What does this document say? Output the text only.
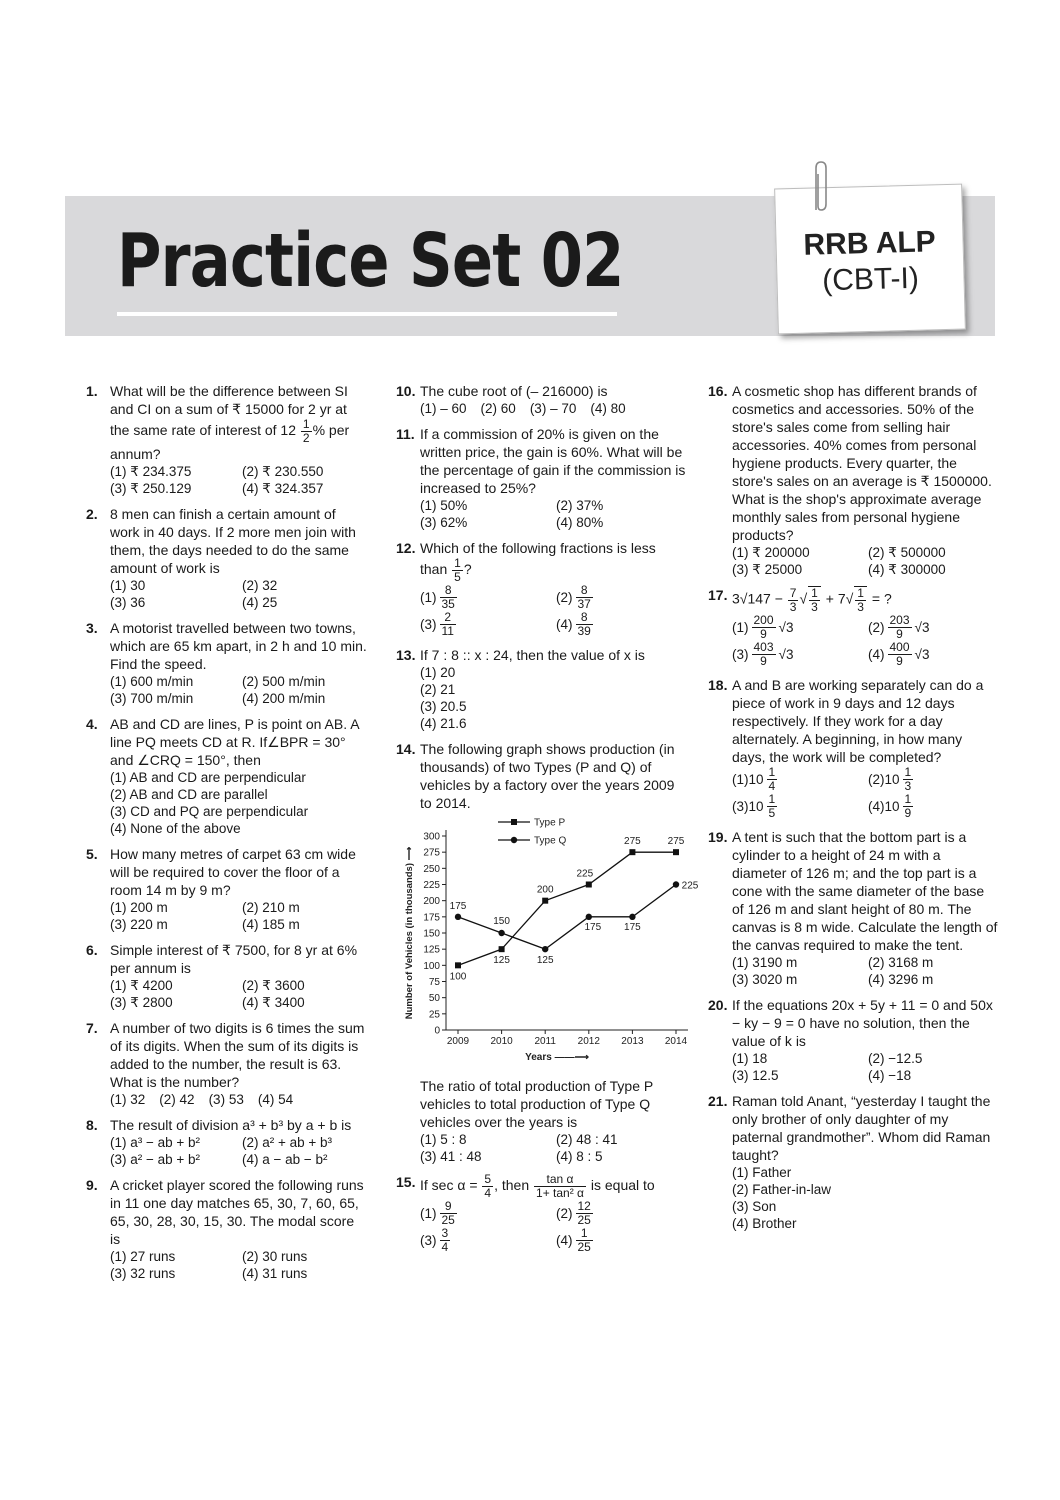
Practice Set 02	RRB ALP
(CBT-I)
1. What will be the difference between SI and CI on a sum of ₹ 15000 for 2 yr at the same rate of interest of $12 \frac{1}{2}$ % per annum?
(1) ₹ 234.375	(2) ₹ 230.550
(3) ₹ 250.129	(4) ₹ 324.357
2. 8 men can finish a certain amount of work in 40 days. If 2 more men join with them, the days needed to do the same amount of work is
(1) 30	(2) 32
(3) 36	(4) 25
3. A motorist travelled between two towns, which are 65 km apart, in 2 h and 10 min. Find the speed.
(1) 600 m/min	(2) 500 m/min
(3) 700 m/min	(4) 200 m/min
4. AB and CD are lines, P is point on AB. A line PQ meets CD at R. If∠BPR = 30° and ∠CRQ = 150°, then
(1) AB and CD are perpendicular
(2) AB and CD are parallel
(3) CD and PQ are perpendicular
(4) None of the above
5. How many metres of carpet 63 cm wide will be required to cover the floor of a room 14 m by 9 m?
(1) 200 m	(2) 210 m
(3) 220 m	(4) 185 m
6. Simple interest of ₹ 7500, for 8 yr at 6% per annum is
(1) ₹ 4200	(2) ₹ 3600
(3) ₹ 2800	(4) ₹ 3400
7. A number of two digits is 6 times the sum of its digits. When the sum of its digits is added to the number, the result is 63. What is the number?
(1) 32 (2) 42 (3) 53 (4) 54
8. The result of division a³ + b³ by a + b is
(1) a³ − ab + b²	(2) a² + ab + b³
(3) a² − ab + b²	(4) a − ab − b²
9. A cricket player scored the following runs in 11 one day matches 65, 30, 7, 60, 65, 65, 30, 28, 30, 15, 30. The modal score is
(1) 27 runs	(2) 30 runs
(3) 32 runs	(4) 31 runs
10. The cube root of (– 216000) is
(1) – 60 (2) 60 (3) – 70 (4) 80
11. If a commission of 20% is given on the written price, the gain is 60%. What will be the percentage of gain if the commission is increased to 25%?
(1) 50%	(2) 37%
(3) 62%	(4) 80%
12. Which of the following fractions is less than $\frac{1}{5}$ ?
$(1) \frac{8}{35}$	$(2) \frac{8}{37}$
$(3) \frac{2}{11}$	$(4) \frac{8}{39}$
13. If 7 : 8 :: x : 24, then the value of x is
(1) 20
(2) 21
(3) 20.5
(4) 21.6
14. The following graph shows production (in thousands) of two Types (P and Q) of vehicles by a factory over the years 2009 to 2014.
0
25
50
75
100
125
150
175
200
225
250
275
300
2009 2010 2011 2012 2013 2014
Years ——⟶
Number of Vehicles (in thousands) ⟶	100
125
200
225
275	275
175
150
125
175 175
225
Type P
Type Q
The ratio of total production of Type P vehicles to total production of Type Q vehicles over the years is
(1) 5 : 8	(2) 48 : 41
(3) 41 : 48	(4) 8 : 5
15. If $\sec \alpha = \frac{5}{4}$ , then $\frac{\text{tan α}}{\text{1+ tan² α}}$ is equal to
$(1) \frac{9}{25}$	$(2) \frac{12}{25}$
$(3) \frac{3}{4}$	$(4) \frac{1}{25}$
16. A cosmetic shop has different brands of cosmetics and accessories. 50% of the store's sales come from selling hair accessories. 40% comes from personal hygiene products. Every quarter, the store's sales on an average is ₹ 1500000. What is the shop's approximate average monthly sales from personal hygiene products?
(1) ₹ 200000	(2) ₹ 500000
(3) ₹ 25000	(4) ₹ 300000
17. $3√147 - \frac{7}{3}$ √ $\frac{1}{3} + 7√ \frac{1}{3}$ = ?
$(1) \frac{200}{9} √3$	$(2) \frac{203}{9} √3$
$(3) \frac{403}{9} √3$	$(4) \frac{400}{9} √3$
18. A and B are working separately can do a piece of work in 9 days and 12 days respectively. If they work for a day alternately. A beginning, in how many days, the work will be completed?
$(1)10 \frac{1}{4}$	$(2)10 \frac{1}{3}$
$(3)10 \frac{1}{5}$	$(4)10 \frac{1}{9}$
19. A tent is such that the bottom part is a cylinder to a height of 24 m with a diameter of 126 m; and the top part is a cone with the same diameter of the base of 126 m and slant height of 80 m. The canvas is 8 m wide. Calculate the length of the canvas required to make the tent.
(1) 3190 m	(2) 3168 m
(3) 3020 m	(4) 3296 m
20. If the equations 20x + 5y + 11 = 0 and 50x − ky − 9 = 0 have no solution, then the value of k is
(1) 18	(2) −12.5
(3) 12.5	(4) −18
21. Raman told Anant, “yesterday I taught the only brother of only daughter of my paternal grandmother”. Whom did Raman taught?
(1) Father
(2) Father-in-law
(3) Son
(4) Brother
